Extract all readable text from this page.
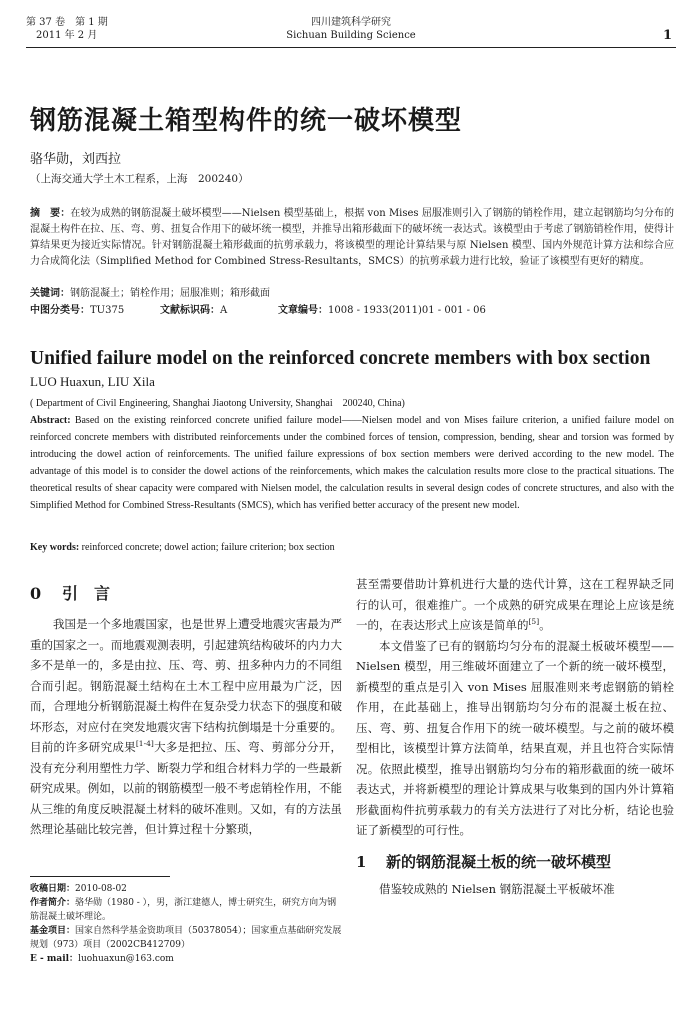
第 37 卷　第 1 期
2011 年 2 月
四川建筑科学研究
Sichuan Building Science	1
钢筋混凝土箱型构件的统一破坏模型
骆华勋，刘西拉
（上海交通大学土木工程系，上海　200240）
摘　要：在较为成熟的钢筋混凝土破坏模型——Nielsen 模型基础上，根据 von Mises 屈服准则引入了钢筋的销栓作用，建立起钢筋均匀分布的混凝土构件在拉、压、弯、剪、扭复合作用下的破坏统一模型，并推导出箱形截面下的破坏统一表达式。该模型由于考虑了钢筋销栓作用，使得计算结果更为接近实际情况。针对钢筋混凝土箱形截面的抗剪承载力，将该模型的理论计算结果与原 Nielsen 模型、国内外规范计算方法和综合应力合成简化法（Simplified Method for Combined Stress-Resultants，SMCS）的抗剪承载力进行比较，验证了该模型有更好的精度。
关键词：钢筋混凝土；销栓作用；屈服准则；箱形截面
中图分类号：TU375	文献标识码：A	文章编号：1008 - 1933(2011)01 - 001 - 06
Unified failure model on the reinforced concrete members with box section
LUO Huaxun, LIU Xila
( Department of Civil Engineering, Shanghai Jiaotong University, Shanghai　200240, China)
Abstract: Based on the existing reinforced concrete unified failure model——Nielsen model and von Mises failure criterion, a unified failure model on reinforced concrete members with distributed reinforcements under the combined forces of tension, compression, bending, shear and torsion was formed by introducing the dowel action of reinforcements. The unified failure expressions of box section members were derived according to the new model. The advantage of this model is to consider the dowel actions of the reinforcements, which makes the calculation results more close to the practical situations. The theoretical results of shear capacity were compared with Nielsen model, the calculation results in several design codes of concrete structures, and also with the Simplified Method for Combined Stress-Resultants (SMCS), which has verified better accuracy of the present new model.
Key words: reinforced concrete; dowel action; failure criterion; box section
0 引 言

我国是一个多地震国家，也是世界上遭受地震灾害最为严重的国家之一。而地震观测表明，引起建筑结构破坏的内力大多不是单一的，多是由拉、压、弯、剪、扭多种内力的不同组合而引起。钢筋混凝土结构在土木工程中应用最为广泛，因而，合理地分析钢筋混凝土构件在复杂受力状态下的强度和破坏形态，对应付在突发地震灾害下结构抗倒塌是十分重要的。目前的许多研究成果[1-4]大多是把拉、压、弯、剪部分分开，没有充分利用塑性力学、断裂力学和组合材料力学的一些最新研究成果。例如，以前的钢筋模型一般不考虑销栓作用，不能从三维的角度反映混凝土材料的破坏准则。又如，有的方法虽然理论基础比较完善，但计算过程十分繁琐，

甚至需要借助计算机进行大量的迭代计算，这在工程界缺乏同行的认可，很难推广。一个成熟的研究成果在理论上应该是统一的，在表达形式上应该是简单的[5]。

本文借鉴了已有的钢筋均匀分布的混凝土板破坏模型——Nielsen 模型，用三维破坏面建立了一个新的统一破坏模型，新模型的重点是引入 von Mises 屈服准则来考虑钢筋的销栓作用，在此基础上，推导出钢筋均匀分布的混凝土板在拉、压、弯、剪、扭复合作用下的统一破坏模型。与之前的破坏模型相比，该模型计算方法简单，结果直观，并且也符合实际情况。依照此模型，推导出钢筋均匀分布的箱形截面的统一破坏表达式，并将新模型的理论计算成果与收集到的国内外计算箱形截面构件抗剪承载力的有关方法进行了对比分析，结论也验证了新模型的可行性。

1 新的钢筋混凝土板的统一破坏模型

借鉴较成熟的 Nielsen 钢筋混凝土平板破坏准

收稿日期：2010-08-02
作者简介：骆华勋（1980 - ），男，浙江建德人，博士研究生，研究方向为钢筋混凝土破坏理论。
基金项目：国家自然科学基金资助项目（50378054）；国家重点基础研究发展规划（973）项目（2002CB412709）
E - mail：luohuaxun@163.com
